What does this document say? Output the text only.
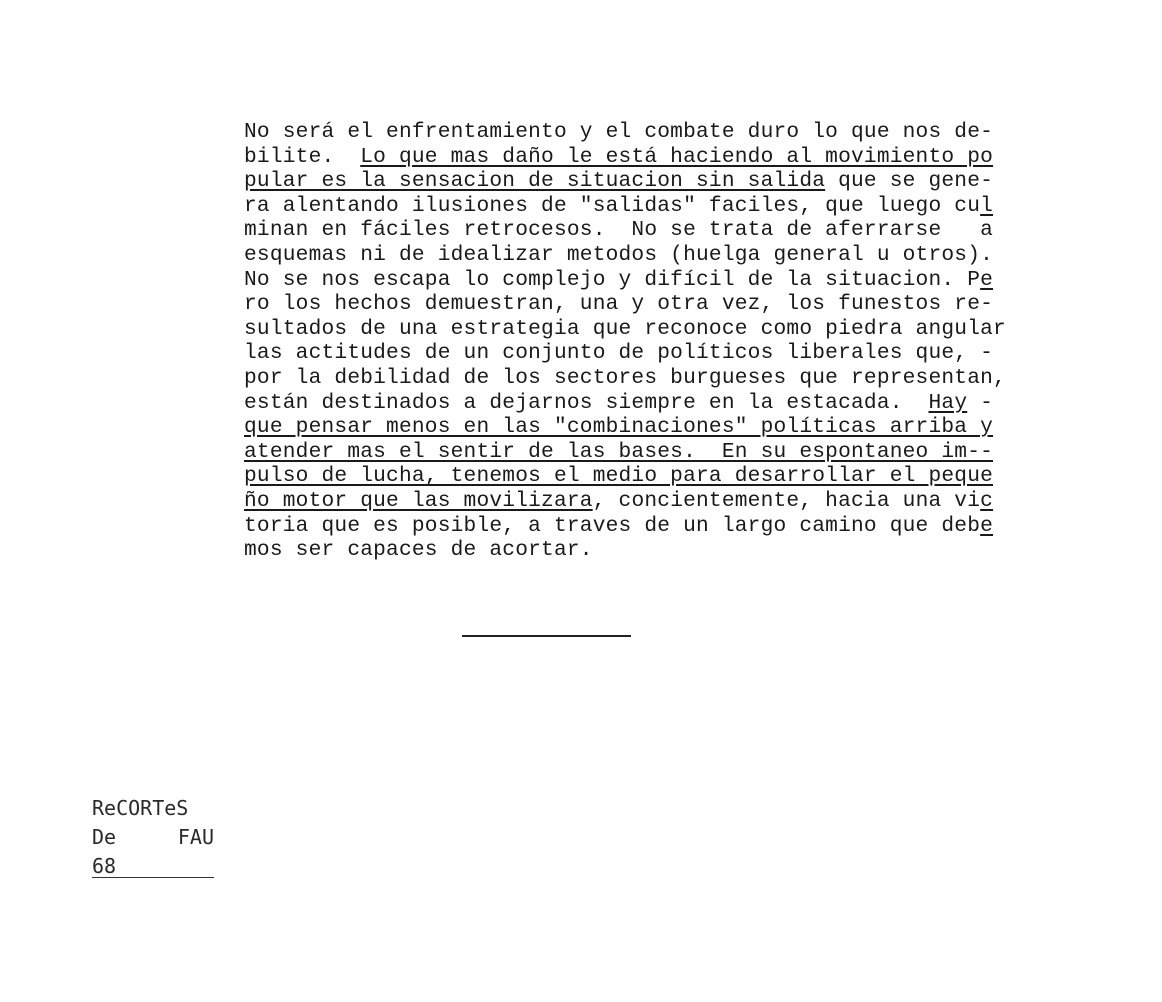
No será el enfrentamiento y el combate duro lo que nos de-
bilite.  Lo que mas daño le está haciendo al movimiento po
pular es la sensacion de situacion sin salida que se gene-
ra alentando ilusiones de "salidas" faciles, que luego cul
minan en fáciles retrocesos.  No se trata de aferrarse   a
esquemas ni de idealizar metodos (huelga general u otros).
No se nos escapa lo complejo y difícil de la situacion. Pe
ro los hechos demuestran, una y otra vez, los funestos re-
sultados de una estrategia que reconoce como piedra angular
las actitudes de un conjunto de políticos liberales que, -
por la debilidad de los sectores burgueses que representan,
están destinados a dejarnos siempre en la estacada.  Hay -
que pensar menos en las "combinaciones" políticas arriba y
atender mas el sentir de las bases.  En su espontaneo im--
pulso de lucha, tenemos el medio para desarrollar el peque
ño motor que las movilizara, concientemente, hacia una vic
toria que es posible, a traves de un largo camino que debe
mos ser capaces de acortar.
ReCORTeS
De	FAU
68
